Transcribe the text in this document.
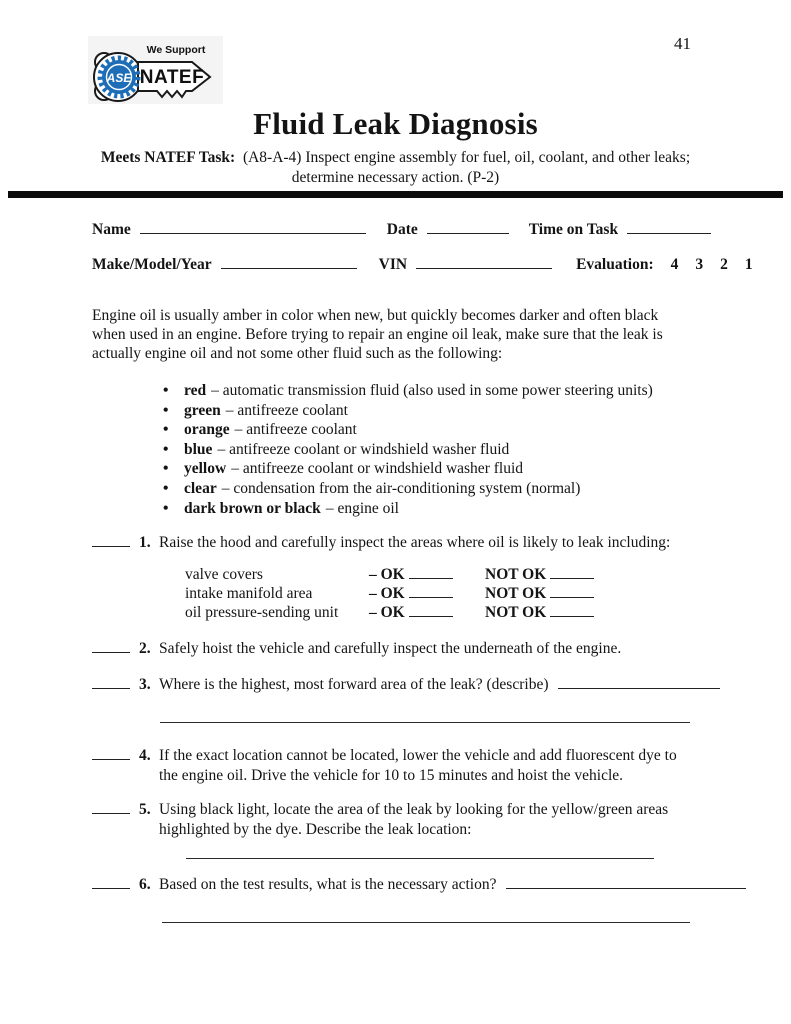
41
ASE
We Support
NATEF
Fluid Leak Diagnosis
Meets NATEF Task: (A8-A-4) Inspect engine assembly for fuel, oil, coolant, and other leaks;
determine necessary action. (P-2)
Name	Date	Time on Task
Make/Model/Year	VIN	Evaluation: 4 3 2 1
Engine oil is usually amber in color when new, but quickly becomes darker and often black
when used in an engine. Before trying to repair an engine oil leak, make sure that the leak is
actually engine oil and not some other fluid such as the following:
• red – automatic transmission fluid (also used in some power steering units)
• green – antifreeze coolant
• orange – antifreeze coolant
• blue – antifreeze coolant or windshield washer fluid
• yellow – antifreeze coolant or windshield washer fluid
• clear – condensation from the air-conditioning system (normal)
• dark brown or black – engine oil
1. Raise the hood and carefully inspect the areas where oil is likely to leak including:
valve covers	– OK	NOT OK
intake manifold area	– OK	NOT OK
oil pressure-sending unit	– OK	NOT OK
2. Safely hoist the vehicle and carefully inspect the underneath of the engine.
3. Where is the highest, most forward area of the leak? (describe)
4. If the exact location cannot be located, lower the vehicle and add fluorescent dye to
the engine oil. Drive the vehicle for 10 to 15 minutes and hoist the vehicle.
5. Using black light, locate the area of the leak by looking for the yellow/green areas
highlighted by the dye. Describe the leak location:
6. Based on the test results, what is the necessary action?
